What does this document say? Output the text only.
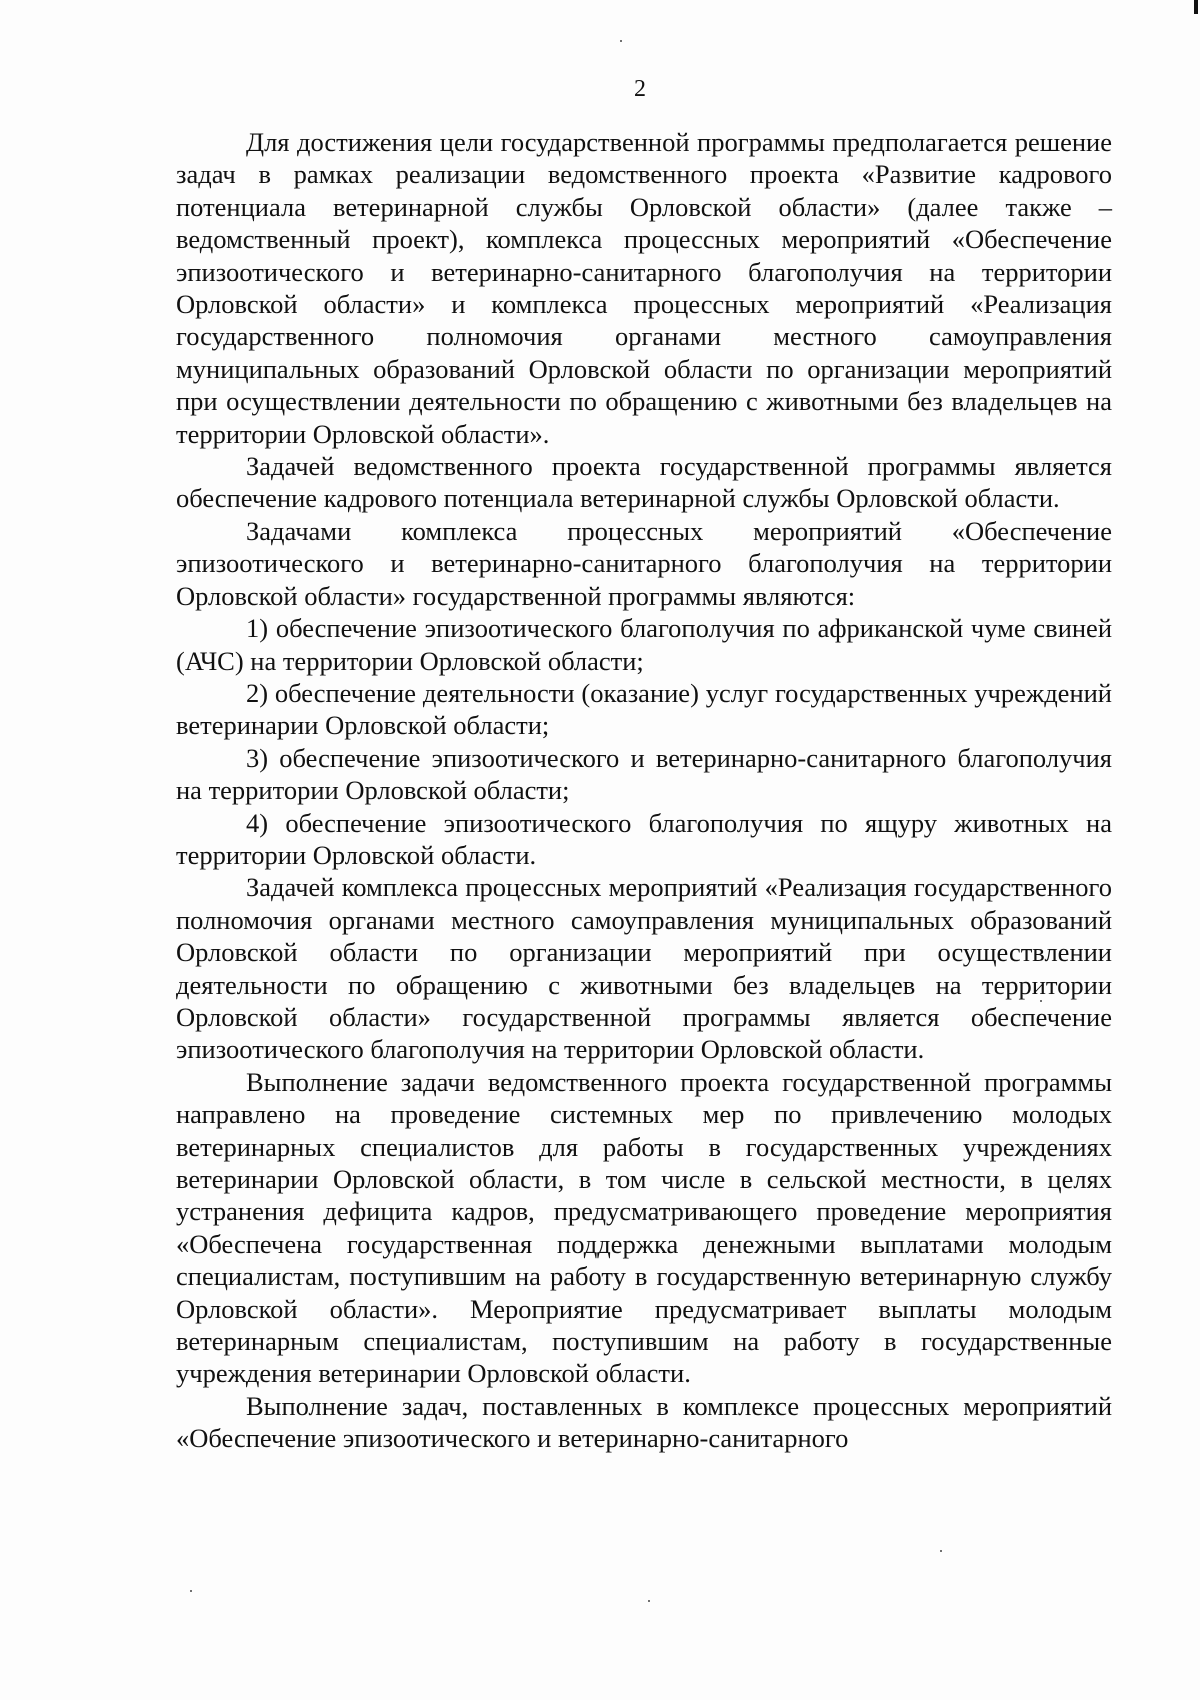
2

Для достижения цели государственной программы предполагается решение задач в рамках реализации ведомственного проекта «Развитие кадрового потенциала ветеринарной службы Орловской области» (далее также – ведомственный проект), комплекса процессных мероприятий «Обеспечение эпизоотического и ветеринарно-санитарного благополучия на территории Орловской области» и комплекса процессных мероприятий «Реализация государственного полномочия органами местного самоуправления муниципальных образований Орловской области по организации мероприятий при осуществлении деятельности по обращению с животными без владельцев на территории Орловской области».

Задачей ведомственного проекта государственной программы является обеспечение кадрового потенциала ветеринарной службы Орловской области.

Задачами комплекса процессных мероприятий «Обеспечение эпизоотического и ветеринарно-санитарного благополучия на территории Орловской области» государственной программы являются:

1) обеспечение эпизоотического благополучия по африканской чуме свиней (АЧС) на территории Орловской области;

2) обеспечение деятельности (оказание) услуг государственных учреждений ветеринарии Орловской области;

3) обеспечение эпизоотического и ветеринарно-санитарного благополучия на территории Орловской области;

4) обеспечение эпизоотического благополучия по ящуру животных на территории Орловской области.

Задачей комплекса процессных мероприятий «Реализация государственного полномочия органами местного самоуправления муниципальных образований Орловской области по организации мероприятий при осуществлении деятельности по обращению с животными без владельцев на территории Орловской области» государственной программы является обеспечение эпизоотического благополучия на территории Орловской области.

Выполнение задачи ведомственного проекта государственной программы направлено на проведение системных мер по привлечению молодых ветеринарных специалистов для работы в государственных учреждениях ветеринарии Орловской области, в том числе в сельской местности, в целях устранения дефицита кадров, предусматривающего проведение мероприятия «Обеспечена государственная поддержка денежными выплатами молодым специалистам, поступившим на работу в государственную ветеринарную службу Орловской области». Мероприятие предусматривает выплаты молодым ветеринарным специалистам, поступившим на работу в государственные учреждения ветеринарии Орловской области.

Выполнение задач, поставленных в комплексе процессных мероприятий «Обеспечение эпизоотического и ветеринарно-санитарного
